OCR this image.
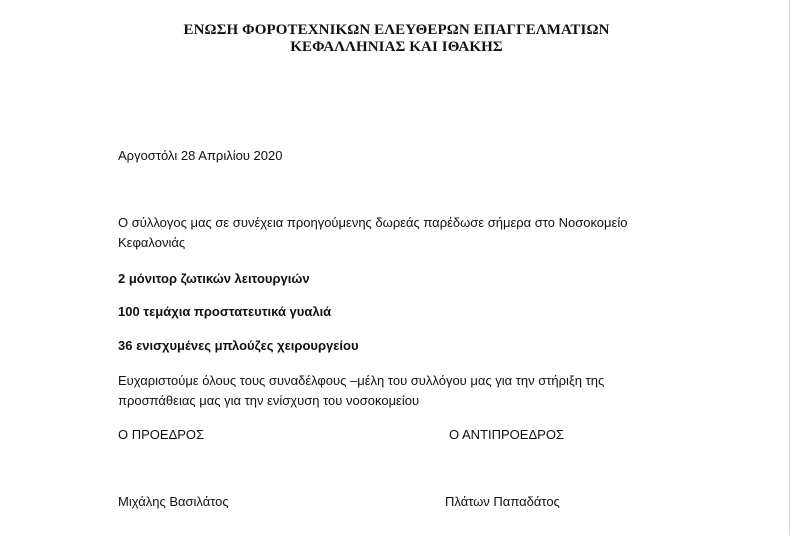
ΕΝΩΣΗ ΦΟΡΟΤΕΧΝΙΚΩΝ ΕΛΕΥΘΕΡΩΝ ΕΠΑΓΓΕΛΜΑΤΙΩΝ
ΚΕΦΑΛΛΗΝΙΑΣ ΚΑΙ ΙΘΑΚΗΣ
Αργοστόλι 28 Απριλίου 2020
Ο σύλλογος μας σε συνέχεια προηγούμενης δωρεάς παρέδωσε σήμερα στο Νοσοκομείο
Κεφαλονιάς
2 μόνιτορ ζωτικών λειτουργιών
100 τεμάχια προστατευτικά γυαλιά
36 ενισχυμένες μπλούζες χειρουργείου
Ευχαριστούμε όλους τους συναδέλφους –μέλη του συλλόγου μας για την στήριξη της
προσπάθειας μας για την ενίσχυση του νοσοκομείου
Ο ΠΡΟΕΔΡΟΣ	Ο ΑΝΤΙΠΡΟΕΔΡΟΣ
Μιχάλης Βασιλάτος	Πλάτων Παπαδάτος
